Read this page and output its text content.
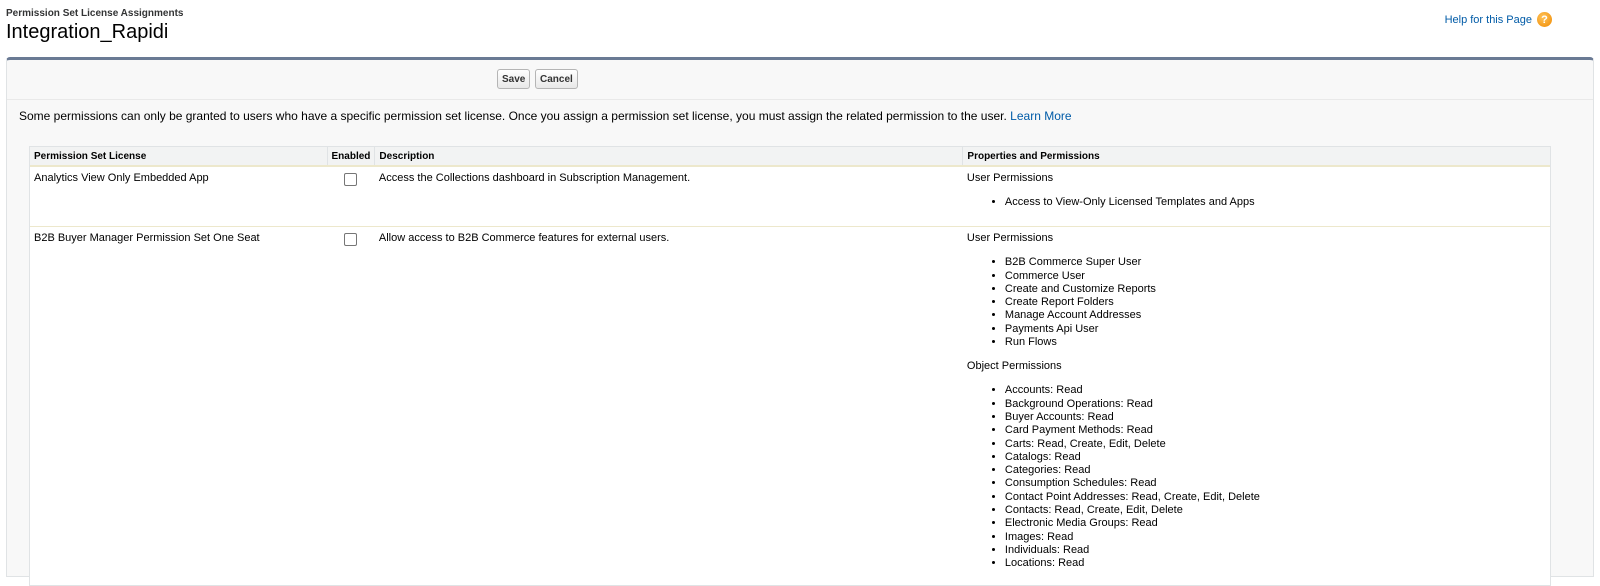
Permission Set License Assignments
Integration_Rapidi
Help for this Page ?
Save	Cancel
Some permissions can only be granted to users who have a specific permission set license. Once you assign a permission set license, you must assign the related permission to the user. Learn More
Permission Set License	Enabled	Description	Properties and Permissions
Analytics View Only Embedded App		Access the Collections dashboard in Subscription Management.	User Permissions

• Access to View-Only Licensed Templates and Apps

B2B Buyer Manager Permission Set One Seat		Allow access to B2B Commerce features for external users.	User Permissions

• B2B Commerce Super User
• Commerce User
• Create and Customize Reports
• Create Report Folders
• Manage Account Addresses
• Payments Api User
• Run Flows

Object Permissions

• Accounts: Read
• Background Operations: Read
• Buyer Accounts: Read
• Card Payment Methods: Read
• Carts: Read, Create, Edit, Delete
• Catalogs: Read
• Categories: Read
• Consumption Schedules: Read
• Contact Point Addresses: Read, Create, Edit, Delete
• Contacts: Read, Create, Edit, Delete
• Electronic Media Groups: Read
• Images: Read
• Individuals: Read
• Locations: Read
